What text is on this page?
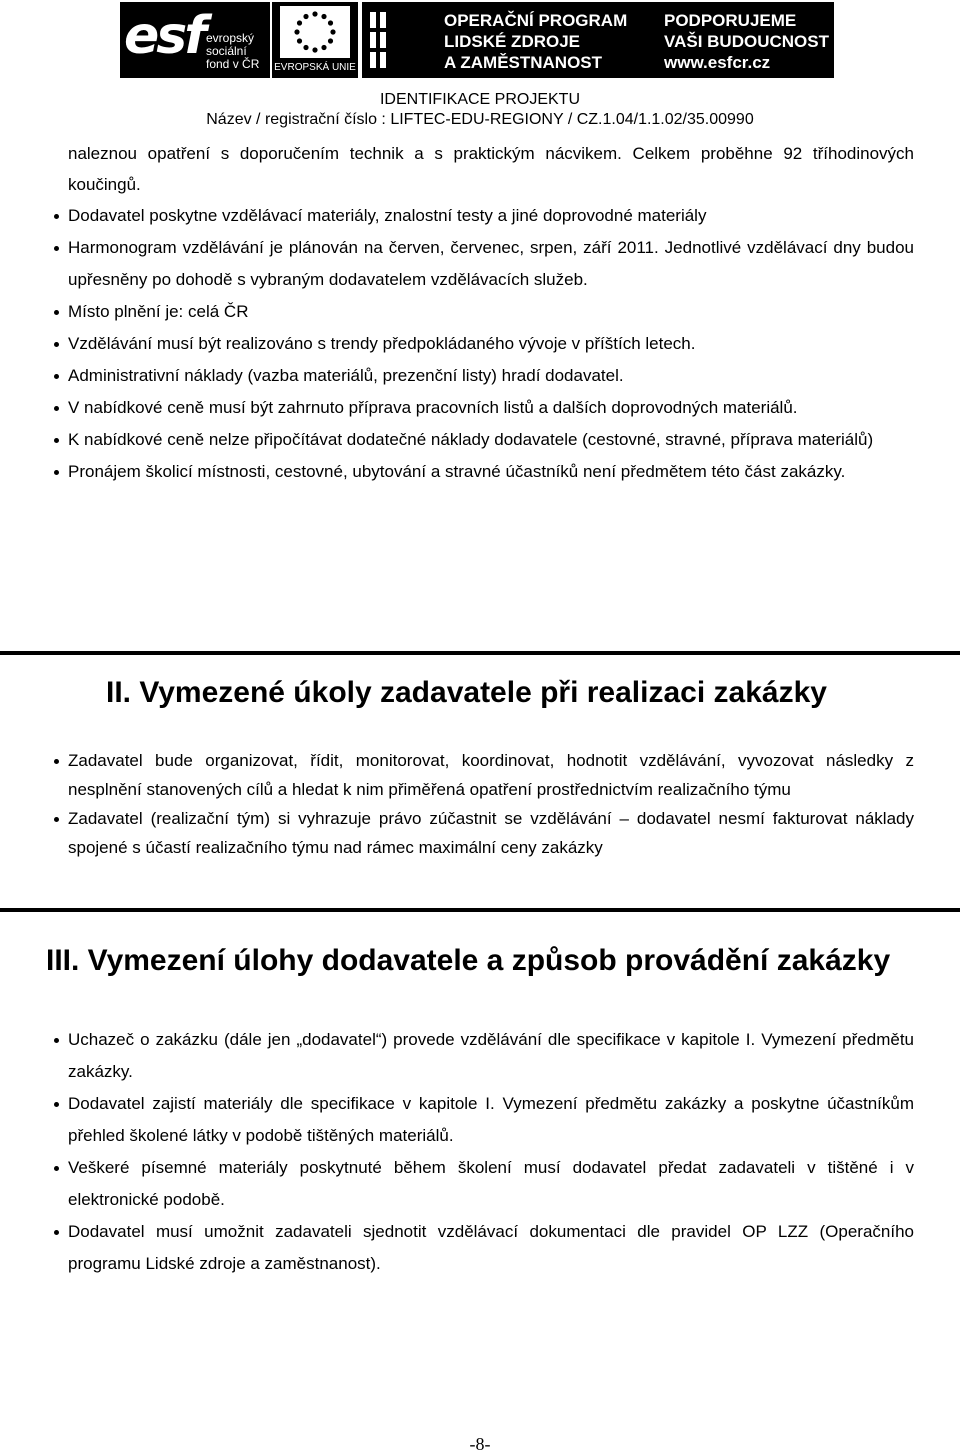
esf evropský
sociální
fond v ČR EVROPSKÁ UNIE
OPERAČNÍ PROGRAM
LIDSKÉ ZDROJE
A ZAMĚSTNANOST
PODPORUJEME
VAŠI BUDOUCNOST
www.esfcr.cz
IDENTIFIKACE PROJEKTU
Název / registrační číslo : LIFTEC-EDU-REGIONY / CZ.1.04/1.1.02/35.00990
naleznou opatření s doporučením technik a s praktickým nácvikem. Celkem proběhne 92 tříhodinových koučingů.
Dodavatel poskytne vzdělávací materiály, znalostní testy a jiné doprovodné materiály
Harmonogram vzdělávání je plánován na červen, červenec, srpen, září 2011. Jednotlivé vzdělávací dny budou upřesněny po dohodě s vybraným dodavatelem vzdělávacích služeb.
Místo plnění je: celá ČR
Vzdělávání musí být realizováno s trendy předpokládaného vývoje v příštích letech.
Administrativní náklady (vazba materiálů, prezenční listy) hradí dodavatel.
V nabídkové ceně musí být zahrnuto příprava pracovních listů a dalších doprovodných materiálů.
K nabídkové ceně nelze připočítávat dodatečné náklady dodavatele (cestovné, stravné, příprava materiálů)
Pronájem školicí místnosti, cestovné, ubytování a stravné účastníků není předmětem této část zakázky.
II. Vymezené úkoly zadavatele při realizaci zakázky
Zadavatel bude organizovat, řídit, monitorovat, koordinovat, hodnotit vzdělávání, vyvozovat následky z nesplnění stanovených cílů a hledat k nim přiměřená opatření prostřednictvím realizačního týmu
Zadavatel (realizační tým) si vyhrazuje právo zúčastnit se vzdělávání – dodavatel nesmí fakturovat náklady spojené s účastí realizačního týmu nad rámec maximální ceny zakázky
III. Vymezení úlohy dodavatele a způsob provádění zakázky
Uchazeč o zakázku (dále jen „dodavatel“) provede vzdělávání dle specifikace v kapitole I. Vymezení předmětu zakázky.
Dodavatel zajistí materiály dle specifikace v kapitole I. Vymezení předmětu zakázky a poskytne účastníkům přehled školené látky v podobě tištěných materiálů.
Veškeré písemné materiály poskytnuté během školení musí dodavatel předat zadavateli v tištěné i v elektronické podobě.
Dodavatel musí umožnit zadavateli sjednotit vzdělávací dokumentaci dle pravidel OP LZZ (Operačního programu Lidské zdroje a zaměstnanost).
-8-
